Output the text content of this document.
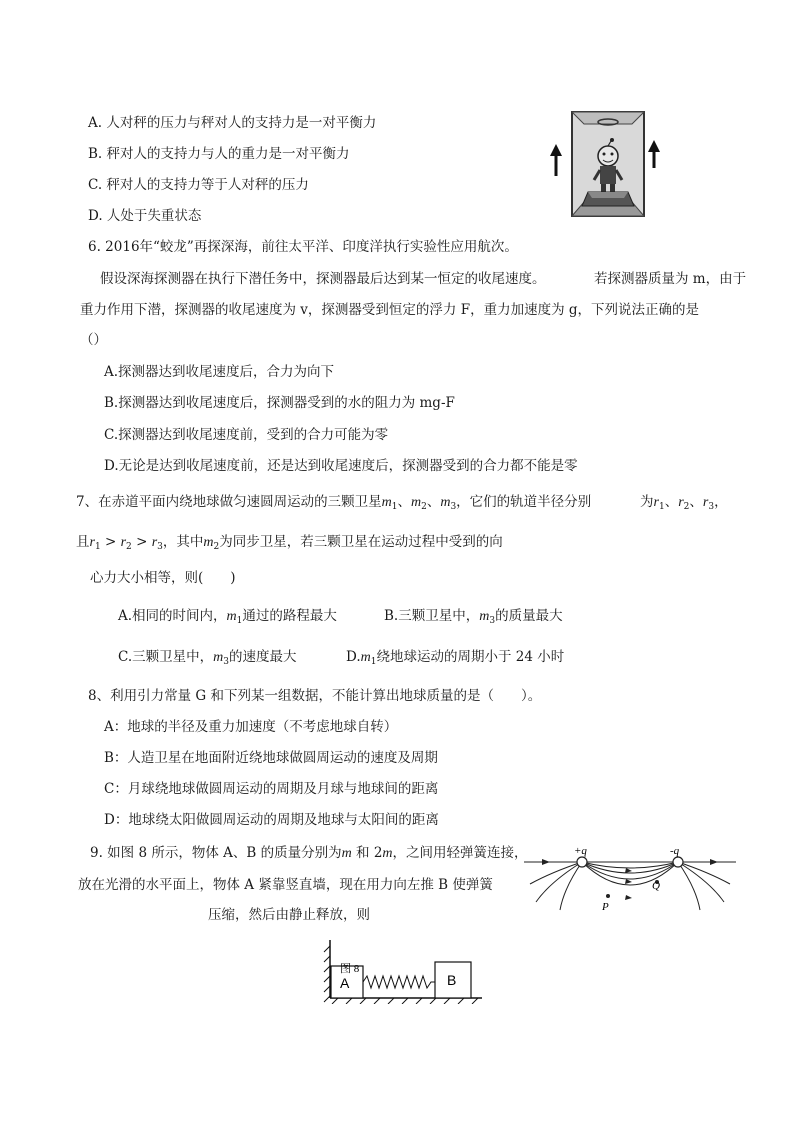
A. 人对秤的压力与秤对人的支持力是一对平衡力
B. 秤对人的支持力与人的重力是一对平衡力
C. 秤对人的支持力等于人对秤的压力
D. 人处于失重状态
6. 2016年“蛟龙”再探深海，前往太平洋、印度洋执行实验性应用航次。
假设深海探测器在执行下潜任务中，探测器最后达到某一恒定的收尾速度。	若探测器质量为 m，由于
重力作用下潜，探测器的收尾速度为 v，探测器受到恒定的浮力 F，重力加速度为 g，下列说法正确的是
（）
A.探测器达到收尾速度后，合力为向下
B.探测器达到收尾速度后，探测器受到的水的阻力为 mg-F
C.探测器达到收尾速度前，受到的合力可能为零
D.无论是达到收尾速度前，还是达到收尾速度后，探测器受到的合力都不能是零
7、在赤道平面内绕地球做匀速圆周运动的三颗卫星$m_1$、$m_2$、$m_3$，它们的轨道半径分别	为$r_1$、$r_2$、$r_3$，
且$r_1 > r_2 > r_3$，其中$m_2$为同步卫星，若三颗卫星在运动过程中受到的向
心力大小相等，则(　　)
A.相同的时间内，$m_1$通过的路程最大	B.三颗卫星中，$m_3$的质量最大
C.三颗卫星中，$m_3$的速度最大	$D.m_1$绕地球运动的周期小于 24 小时
8、利用引力常量 G 和下列某一组数据，不能计算出地球质量的是（　　）。
A：地球的半径及重力加速度（不考虑地球自转）
B：人造卫星在地面附近绕地球做圆周运动的速度及周期
C：月球绕地球做圆周运动的周期及月球与地球间的距离
D：地球绕太阳做圆周运动的周期及地球与太阳间的距离
9. 如图 8 所示，物体 A、B 的质量分别为m 和 2m，之间用轻弹簧连接，
放在光滑的水平面上，物体 A 紧靠竖直墙，现在用力向左推 B 使弹簧
压缩，然后由静止释放，则
+q	-q
P
Q
图 8
A	B
